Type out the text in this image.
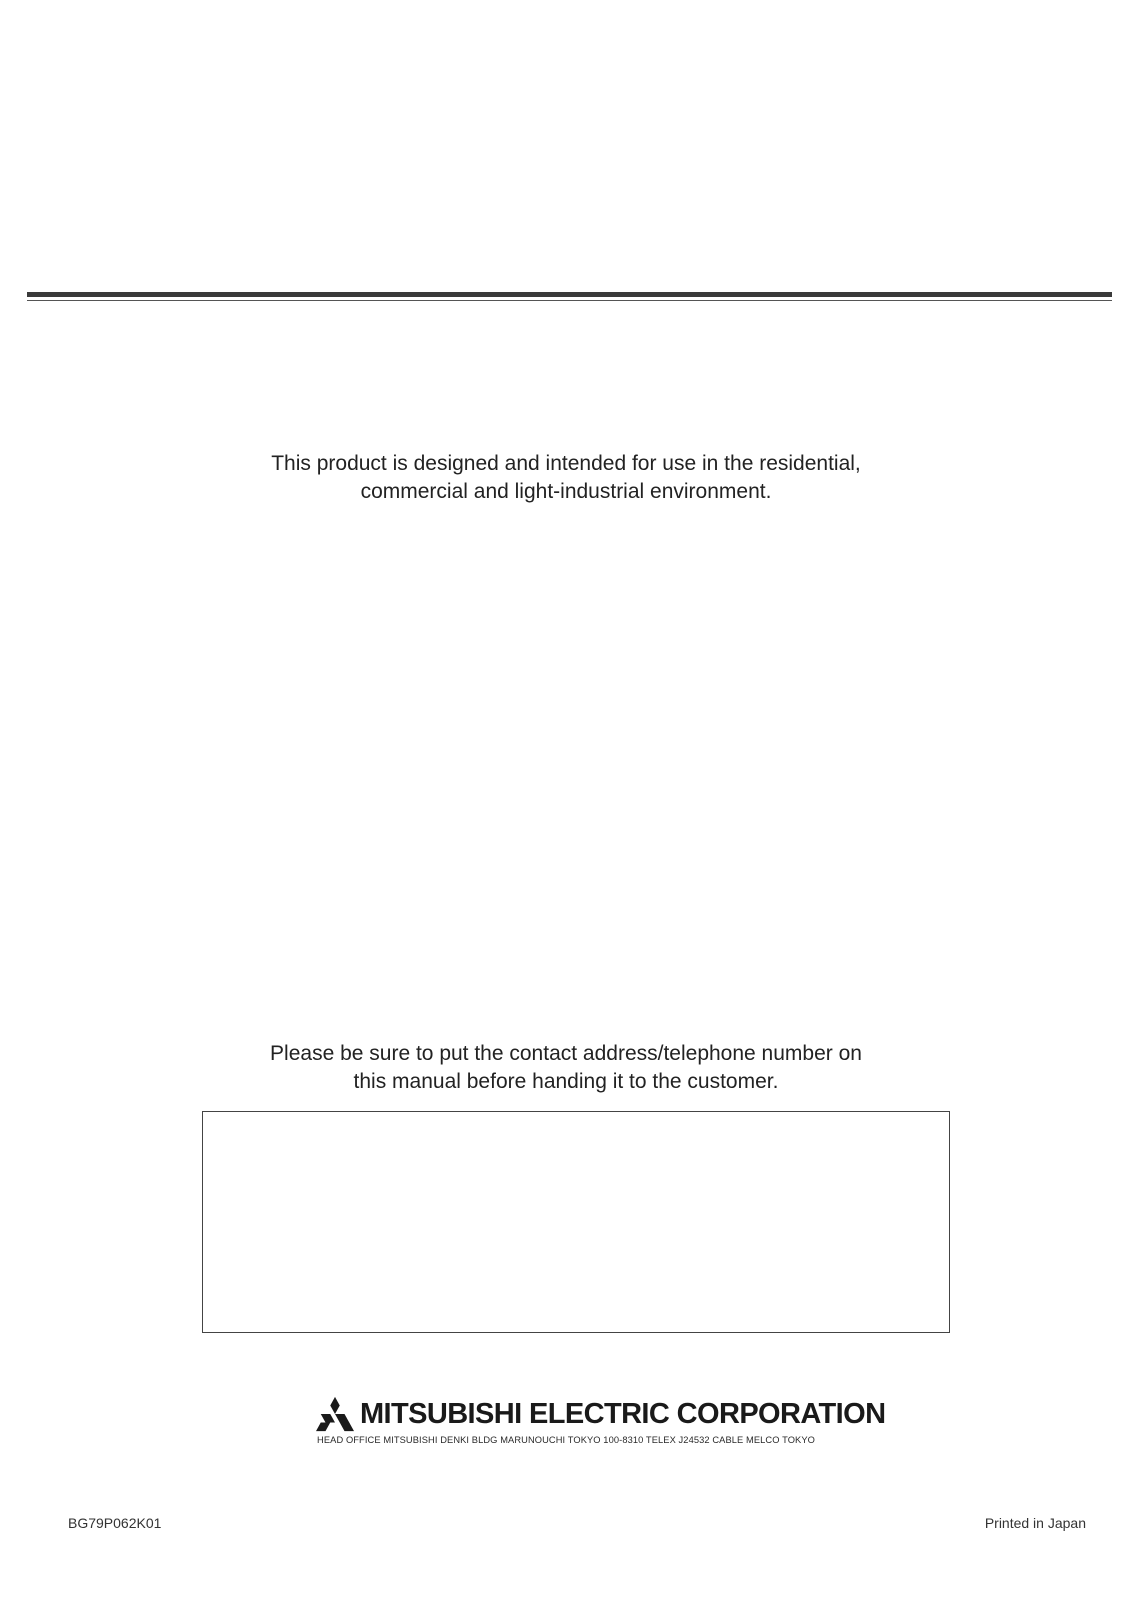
This product is designed and intended for use in the residential,
commercial and light-industrial environment.
Please be sure to put the contact address/telephone number on
this manual before handing it to the customer.
MITSUBISHI ELECTRIC CORPORATION
HEAD OFFICE MITSUBISHI DENKI BLDG MARUNOUCHI TOKYO 100-8310 TELEX J24532 CABLE MELCO TOKYO
BG79P062K01	Printed in Japan
